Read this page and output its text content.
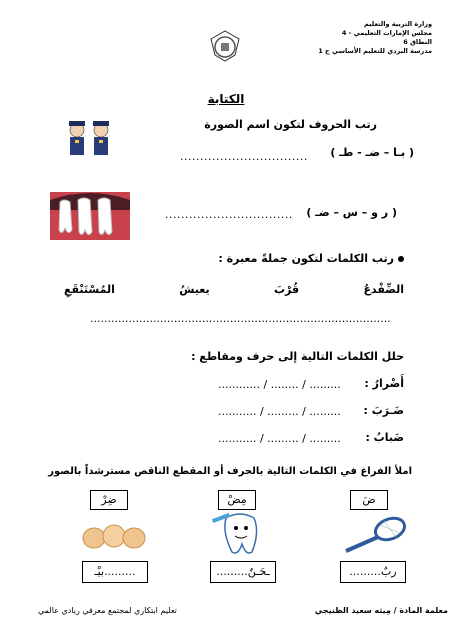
وزارة التربية والتعليم
مجلس الإمارات التعليمي - 4
النطاق 6
مدرسة البردي للتعليم الأساسي ح 1
الكتابة
رتب الحروف لتكون اسم الصورة
( بـا – ضـ - طـ )
................................
( ر و – س – ضـ )
................................
رتب الكلمات لتكون جملةً معبرة :
الضِّفْدعُ
قُرْبَ
يعيشُ
المُسْتَنْقَعِ
......................................................................................
حلل الكلمات التالية إلى حرف ومقاطع :
أَضْرارُ :
............ / ........ / .........
ضَـرَبَ :
........... / ......... / .........
ضَبابُ :
........... / ......... / .........
املأ الفراغ في الكلمات التالية بالحرف أو المقطع الناقص مسترشداً بالصور
ضَ
مِضْ
ضِرْ
.........ربٌ
.........ـحَـنٌ
بيْـ.........
معلمة المادة / مِيثه سعيد الظنيجي
تعليم ابتكاري لمجتمع معرفي ريادي عالمي
